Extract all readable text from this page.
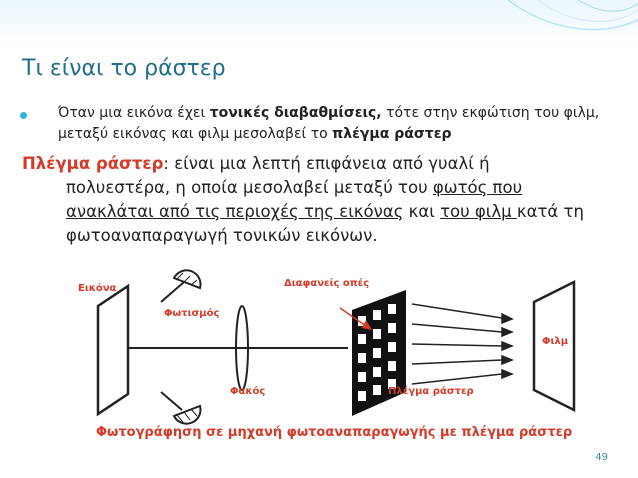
Τι είναι το ράστερ
Όταν μια εικόνα έχει τονικές διαβαθμίσεις, τότε στην εκφώτιση του φιλμ, μεταξύ εικόνας και φιλμ μεσολαβεί το πλέγμα ράστερ
Πλέγμα ράστερ: είναι μια λεπτή επιφάνεια από γυαλί ή
πολυεστέρα, η οποία μεσολαβεί μεταξύ του φωτός που
ανακλάται από τις περιοχές της εικόνας και του φιλμ κατά τη
φωτοαναπαραγωγή τονικών εικόνων.
Εικόνα
Φωτισμός
Φακός
Διαφανείς οπές
Πλέγμα ράστερ
Φιλμ
Φωτογράφηση σε μηχανή φωτοαναπαραγωγής με πλέγμα ράστερ
49
